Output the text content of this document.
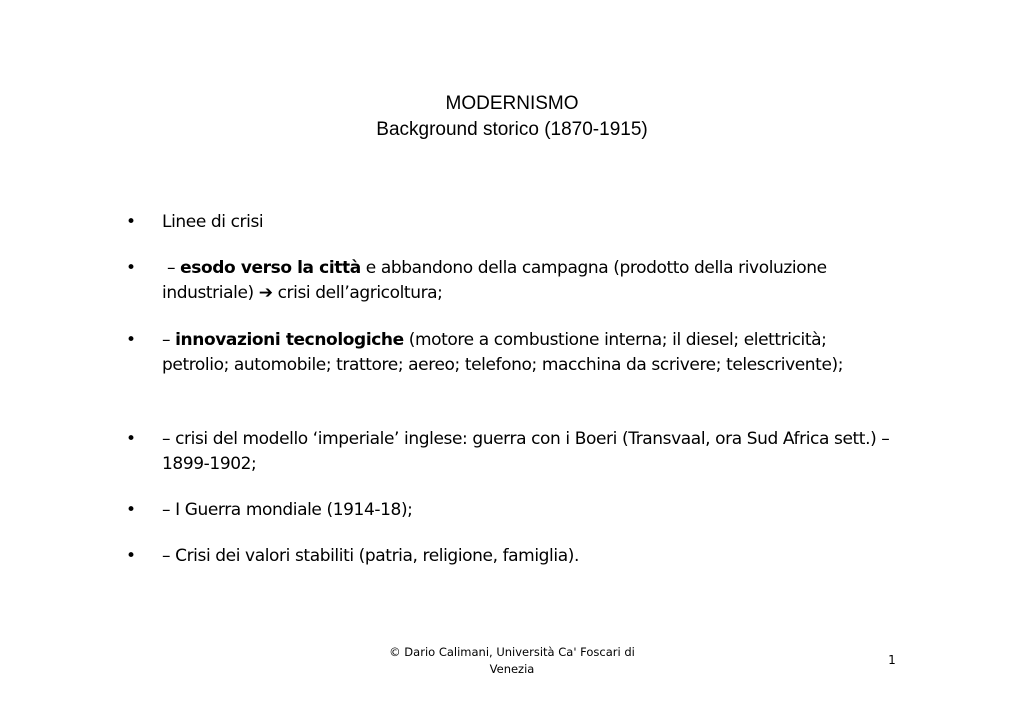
MODERNISMO
Background storico (1870-1915)
• Linee di crisi
• – esodo verso la città e abbandono della campagna (prodotto della rivoluzione industriale) ➔ crisi dell’agricoltura;
• – innovazioni tecnologiche (motore a combustione interna; il diesel; elettricità; petrolio; automobile; trattore; aereo; telefono; macchina da scrivere; telescrivente);
• – crisi del modello ‘imperiale’ inglese: guerra con i Boeri (Transvaal, ora Sud Africa sett.) – 1899-1902;
• – I Guerra mondiale (1914-18);
• – Crisi dei valori stabiliti (patria, religione, famiglia).
© Dario Calimani, Università Ca' Foscari di
Venezia
1
